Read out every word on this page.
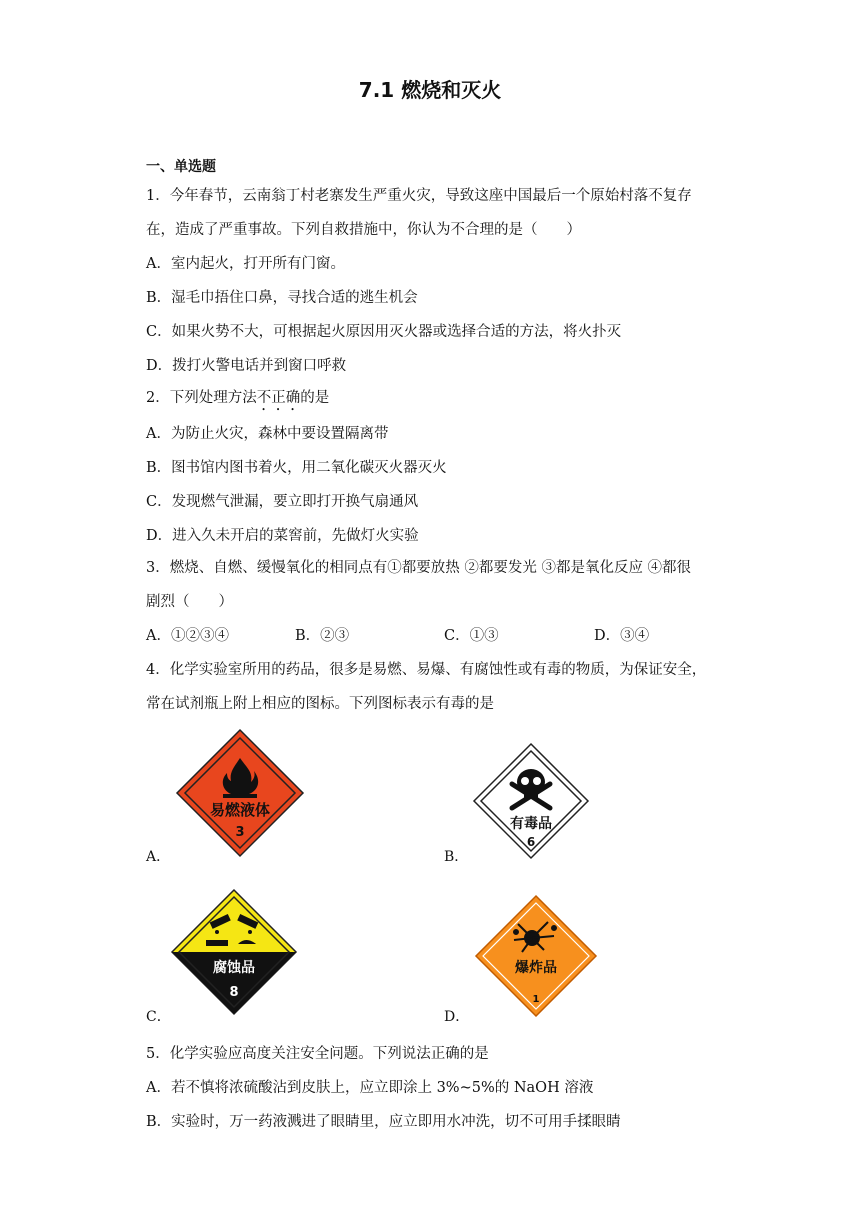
7.1 燃烧和灭火
一、单选题
1．今年春节，云南翁丁村老寨发生严重火灾，导致这座中国最后一个原始村落不复存
在，造成了严重事故。下列自救措施中，你认为不合理的是（　　）
A．室内起火，打开所有门窗。
B．湿毛巾捂住口鼻，寻找合适的逃生机会
C．如果火势不大，可根据起火原因用灭火器或选择合适的方法，将火扑灭
D．拨打火警电话并到窗口呼救
2．下列处理方法不正确的是
A．为防止火灾，森林中要设置隔离带
B．图书馆内图书着火，用二氧化碳灭火器灭火
C．发现燃气泄漏，要立即打开换气扇通风
D．进入久未开启的菜窖前，先做灯火实验
3．燃烧、自燃、缓慢氧化的相同点有①都要放热 ②都要发光 ③都是氧化反应 ④都很
剧烈（　　）
A．①②③④	B．②③	C．①③	D．③④
4．化学实验室所用的药品，很多是易燃、易爆、有腐蚀性或有毒的物质，为保证安全，
常在试剂瓶上附上相应的图标。下列图标表示有毒的是
A．
易燃液体
3
B．
有毒品
6
C．
腐蚀品
8
D．
爆炸品
1
5．化学实验应高度关注安全问题。下列说法正确的是
A．若不慎将浓硫酸沾到皮肤上，应立即涂上 3%~5%的 NaOH 溶液
B．实验时，万一药液溅进了眼睛里，应立即用水冲洗，切不可用手揉眼睛
